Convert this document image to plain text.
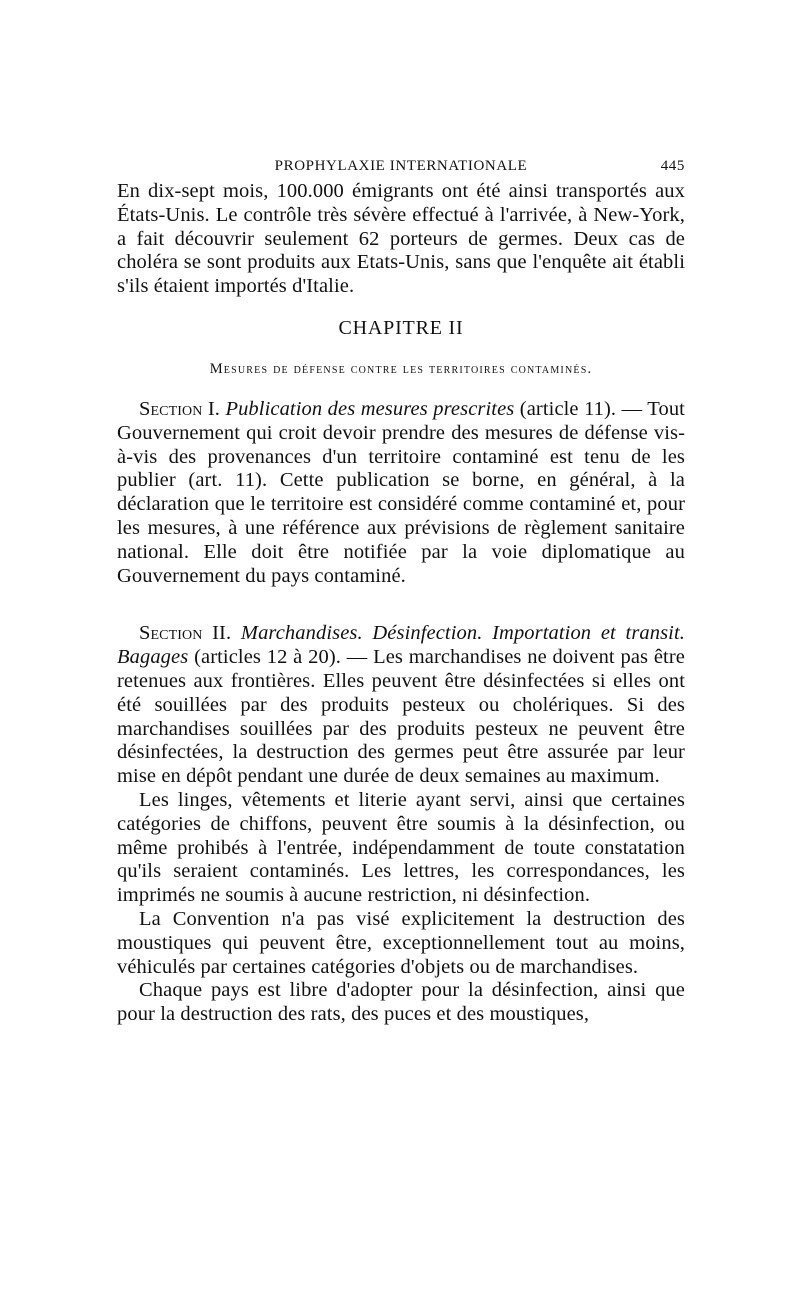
PROPHYLAXIE INTERNATIONALE	445

En dix-sept mois, 100.000 émigrants ont été ainsi transportés aux États-Unis. Le contrôle très sévère effectué à l'arrivée, à New-York, a fait découvrir seulement 62 porteurs de germes. Deux cas de choléra se sont produits aux Etats-Unis, sans que l'enquête ait établi s'ils étaient importés d'Italie.

CHAPITRE II
Mesures de défense contre les territoires contaminés.

Section I. Publication des mesures prescrites (article 11). — Tout Gouvernement qui croit devoir prendre des mesures de défense vis-à-vis des provenances d'un territoire contaminé est tenu de les publier (art. 11). Cette publication se borne, en général, à la déclaration que le territoire est considéré comme contaminé et, pour les mesures, à une référence aux prévisions de règlement sanitaire national. Elle doit être notifiée par la voie diplomatique au Gouvernement du pays contaminé.

Section II. Marchandises. Désinfection. Importation et transit. Bagages (articles 12 à 20). — Les marchandises ne doivent pas être retenues aux frontières. Elles peuvent être désinfectées si elles ont été souillées par des produits pesteux ou cholériques. Si des marchandises souillées par des produits pesteux ne peuvent être désinfectées, la destruction des germes peut être assurée par leur mise en dépôt pendant une durée de deux semaines au maximum.

Les linges, vêtements et literie ayant servi, ainsi que certaines catégories de chiffons, peuvent être soumis à la désinfection, ou même prohibés à l'entrée, indépendamment de toute constatation qu'ils seraient contaminés. Les lettres, les correspondances, les imprimés ne soumis à aucune restriction, ni désinfection.

La Convention n'a pas visé explicitement la destruction des moustiques qui peuvent être, exceptionnellement tout au moins, véhiculés par certaines catégories d'objets ou de marchandises.

Chaque pays est libre d'adopter pour la désinfection, ainsi que pour la destruction des rats, des puces et des moustiques,
